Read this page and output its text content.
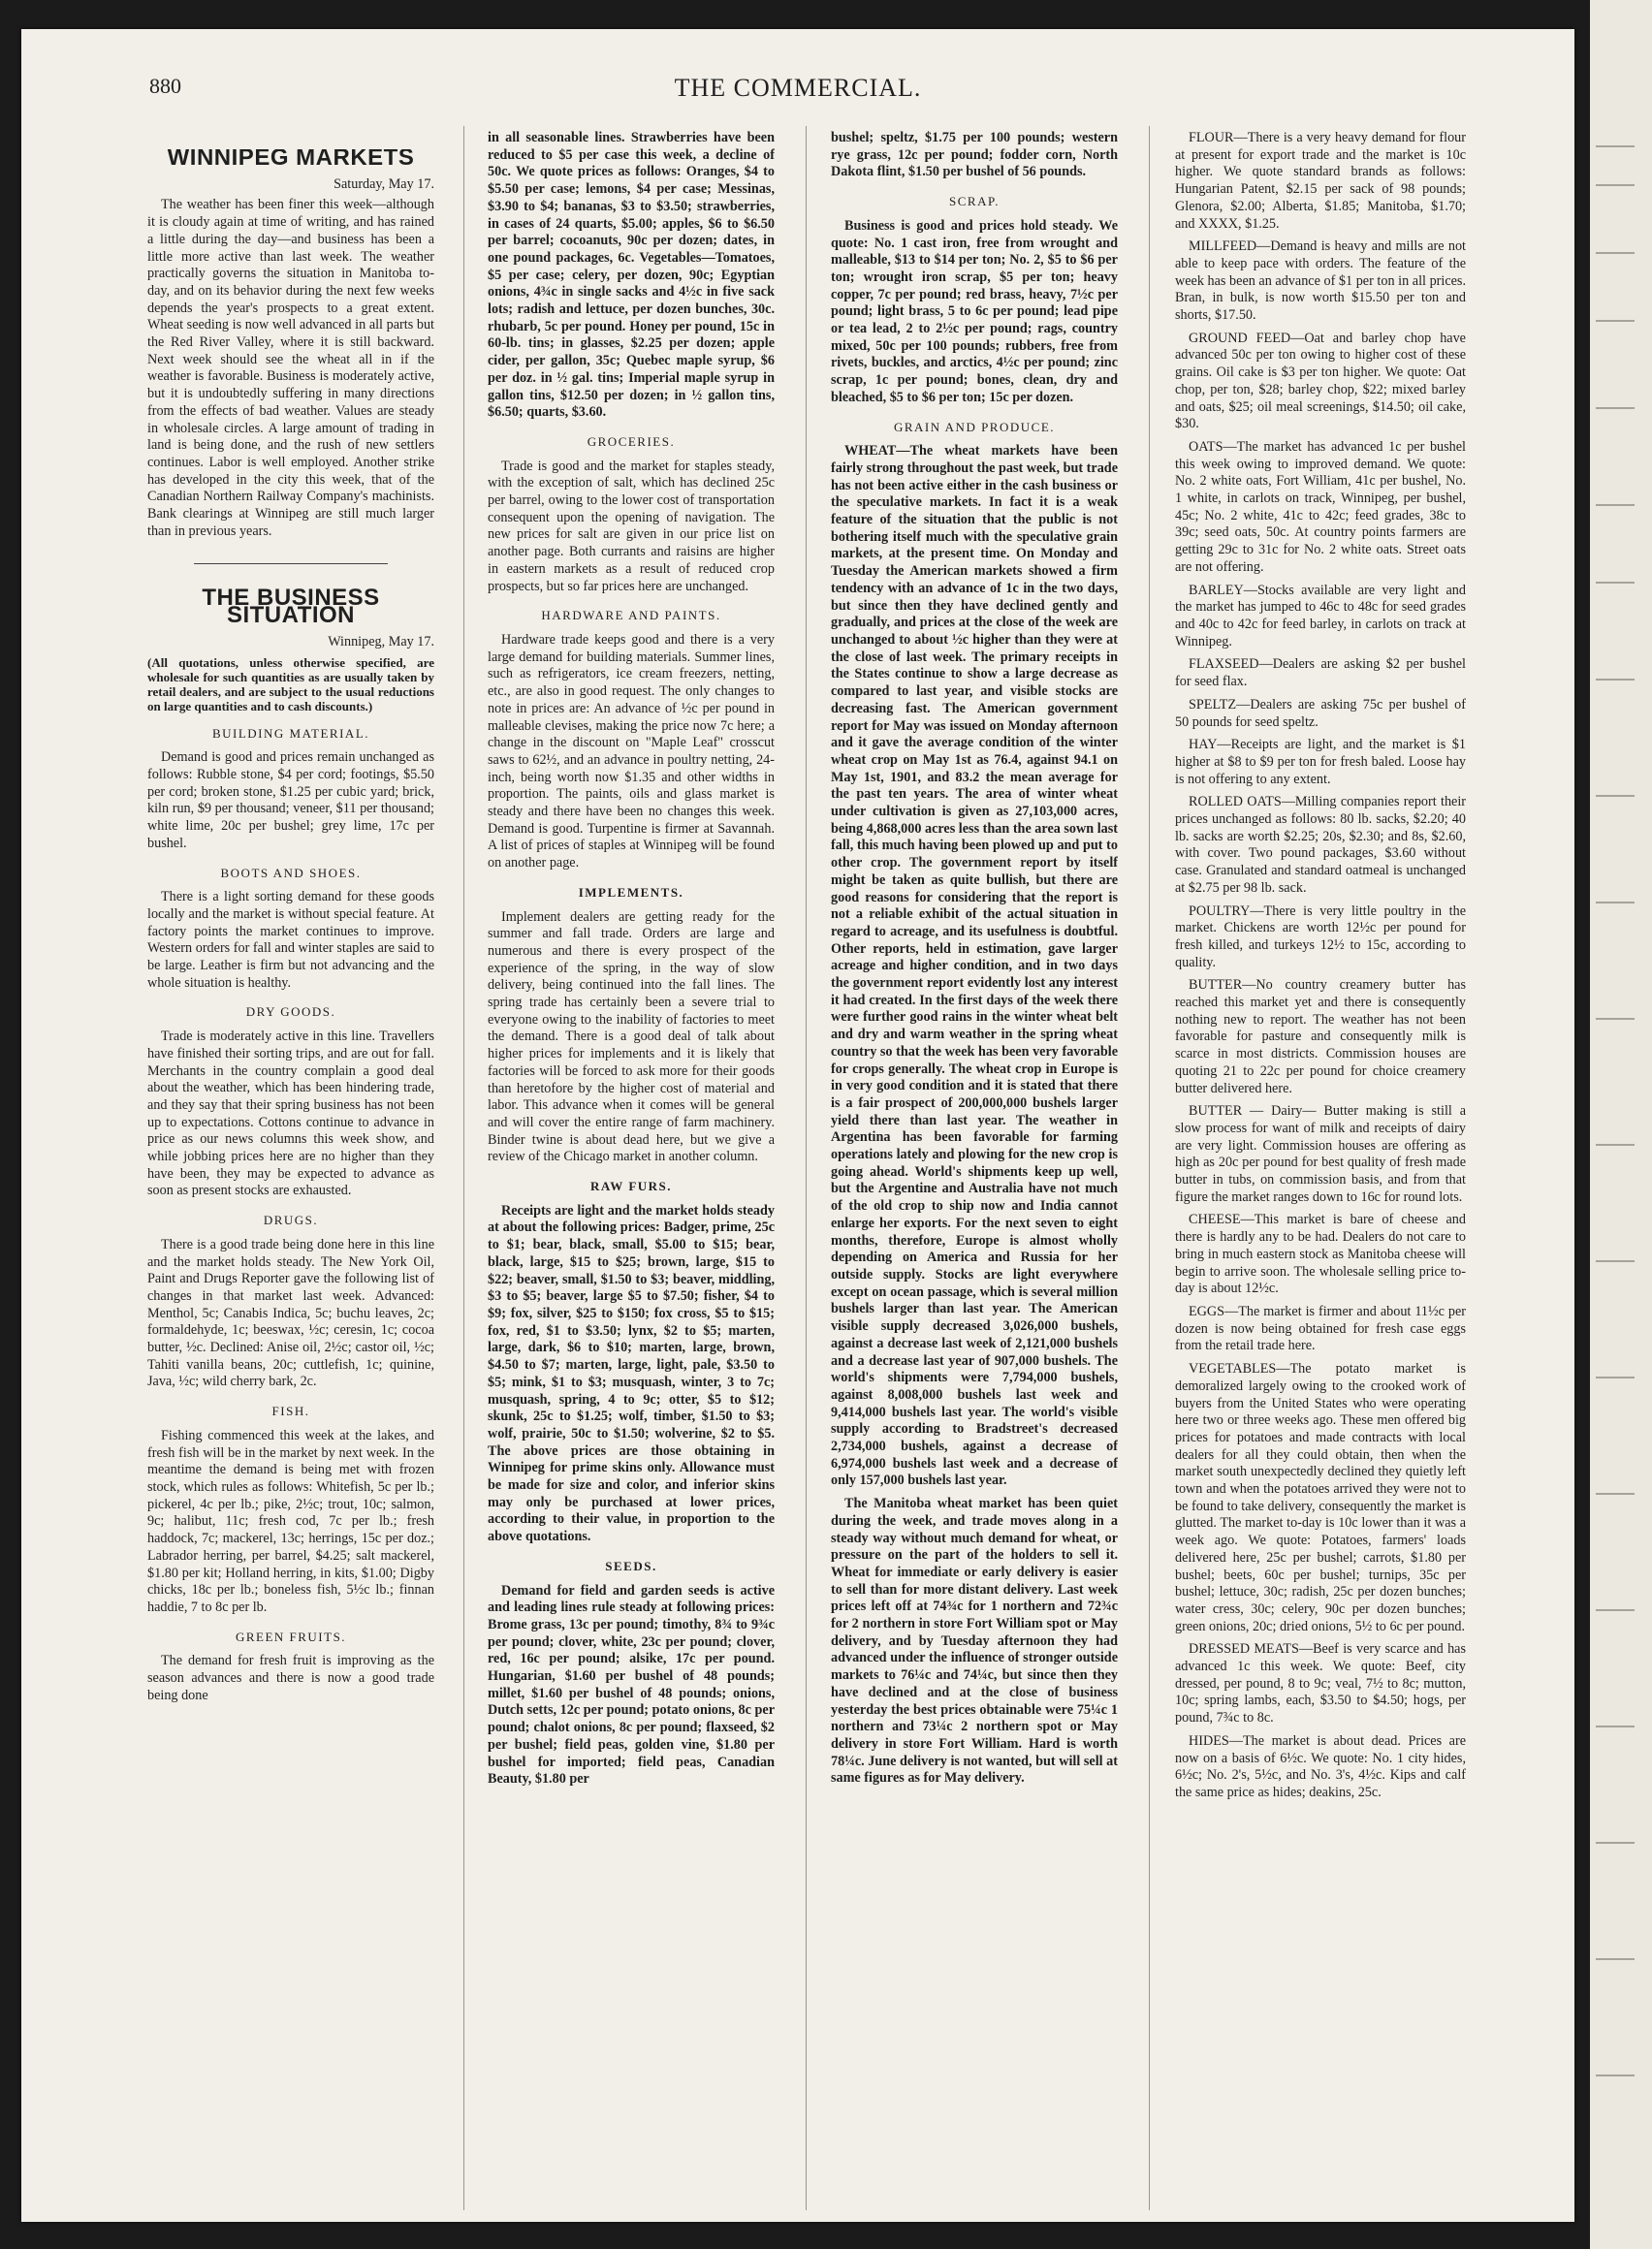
880	THE COMMERCIAL.
WINNIPEG MARKETS
Saturday, May 17.

The weather has been finer this week—although it is cloudy again at time of writing, and has rained a little during the day—and business has been a little more active than last week. The weather practically governs the situation in Manitoba to-day, and on its behavior during the next few weeks depends the year's prospects to a great extent. Wheat seeding is now well advanced in all parts but the Red River Valley, where it is still backward. Next week should see the wheat all in if the weather is favorable. Business is moderately active, but it is undoubtedly suffering in many directions from the effects of bad weather. Values are steady in wholesale circles. A large amount of trading in land is being done, and the rush of new settlers continues. Labor is well employed. Another strike has developed in the city this week, that of the Canadian Northern Railway Company's machinists. Bank clearings at Winnipeg are still much larger than in previous years.

THE BUSINESS SITUATION
Winnipeg, May 17.

(All quotations, unless otherwise specified, are wholesale for such quantities as are usually taken by retail dealers, and are subject to the usual reductions on large quantities and to cash discounts.)

BUILDING MATERIAL.

Demand is good and prices remain unchanged as follows: Rubble stone, $4 per cord; footings, $5.50 per cord; broken stone, $1.25 per cubic yard; brick, kiln run, $9 per thousand; veneer, $11 per thousand; white lime, 20c per bushel; grey lime, 17c per bushel.

BOOTS AND SHOES.

There is a light sorting demand for these goods locally and the market is without special feature. At factory points the market continues to improve. Western orders for fall and winter staples are said to be large. Leather is firm but not advancing and the whole situation is healthy.

DRY GOODS.

Trade is moderately active in this line. Travellers have finished their sorting trips, and are out for fall. Merchants in the country complain a good deal about the weather, which has been hindering trade, and they say that their spring business has not been up to expectations. Cottons continue to advance in price as our news columns this week show, and while jobbing prices here are no higher than they have been, they may be expected to advance as soon as present stocks are exhausted.

DRUGS.

There is a good trade being done here in this line and the market holds steady. The New York Oil, Paint and Drugs Reporter gave the following list of changes in that market last week. Advanced: Menthol, 5c; Canabis Indica, 5c; buchu leaves, 2c; formaldehyde, 1c; beeswax, ½c; ceresin, 1c; cocoa butter, ½c. Declined: Anise oil, 2½c; castor oil, ½c; Tahiti vanilla beans, 20c; cuttlefish, 1c; quinine, Java, ½c; wild cherry bark, 2c.

FISH.

Fishing commenced this week at the lakes, and fresh fish will be in the market by next week. In the meantime the demand is being met with frozen stock, which rules as follows: Whitefish, 5c per lb.; pickerel, 4c per lb.; pike, 2½c; trout, 10c; salmon, 9c; halibut, 11c; fresh cod, 7c per lb.; fresh haddock, 7c; mackerel, 13c; herrings, 15c per doz.; Labrador herring, per barrel, $4.25; salt mackerel, $1.80 per kit; Holland herring, in kits, $1.00; Digby chicks, 18c per lb.; boneless fish, 5½c lb.; finnan haddie, 7 to 8c per lb.

GREEN FRUITS.

The demand for fresh fruit is improving as the season advances and there is now a good trade being done

in all seasonable lines. Strawberries have been reduced to $5 per case this week, a decline of 50c. We quote prices as follows: Oranges, $4 to $5.50 per case; lemons, $4 per case; Messinas, $3.90 to $4; bananas, $3 to $3.50; strawberries, in cases of 24 quarts, $5.00; apples, $6 to $6.50 per barrel; cocoanuts, 90c per dozen; dates, in one pound packages, 6c. Vegetables—Tomatoes, $5 per case; celery, per dozen, 90c; Egyptian onions, 4¾c in single sacks and 4½c in five sack lots; radish and lettuce, per dozen bunches, 30c. rhubarb, 5c per pound. Honey per pound, 15c in 60-lb. tins; in glasses, $2.25 per dozen; apple cider, per gallon, 35c; Quebec maple syrup, $6 per doz. in ½ gal. tins; Imperial maple syrup in gallon tins, $12.50 per dozen; in ½ gallon tins, $6.50; quarts, $3.60.

GROCERIES.

Trade is good and the market for staples steady, with the exception of salt, which has declined 25c per barrel, owing to the lower cost of transportation consequent upon the opening of navigation. The new prices for salt are given in our price list on another page. Both currants and raisins are higher in eastern markets as a result of reduced crop prospects, but so far prices here are unchanged.

HARDWARE AND PAINTS.

Hardware trade keeps good and there is a very large demand for building materials. Summer lines, such as refrigerators, ice cream freezers, netting, etc., are also in good request. The only changes to note in prices are: An advance of ½c per pound in malleable clevises, making the price now 7c here; a change in the discount on "Maple Leaf" crosscut saws to 62½, and an advance in poultry netting, 24-inch, being worth now $1.35 and other widths in proportion. The paints, oils and glass market is steady and there have been no changes this week. Demand is good. Turpentine is firmer at Savannah. A list of prices of staples at Winnipeg will be found on another page.

IMPLEMENTS.

Implement dealers are getting ready for the summer and fall trade. Orders are large and numerous and there is every prospect of the experience of the spring, in the way of slow delivery, being continued into the fall lines. The spring trade has certainly been a severe trial to everyone owing to the inability of factories to meet the demand. There is a good deal of talk about higher prices for implements and it is likely that factories will be forced to ask more for their goods than heretofore by the higher cost of material and labor. This advance when it comes will be general and will cover the entire range of farm machinery. Binder twine is about dead here, but we give a review of the Chicago market in another column.

RAW FURS.

Receipts are light and the market holds steady at about the following prices: Badger, prime, 25c to $1; bear, black, small, $5.00 to $15; bear, black, large, $15 to $25; brown, large, $15 to $22; beaver, small, $1.50 to $3; beaver, middling, $3 to $5; beaver, large $5 to $7.50; fisher, $4 to $9; fox, silver, $25 to $150; fox cross, $5 to $15; fox, red, $1 to $3.50; lynx, $2 to $5; marten, large, dark, $6 to $10; marten, large, brown, $4.50 to $7; marten, large, light, pale, $3.50 to $5; mink, $1 to $3; musquash, winter, 3 to 7c; musquash, spring, 4 to 9c; otter, $5 to $12; skunk, 25c to $1.25; wolf, timber, $1.50 to $3; wolf, prairie, 50c to $1.50; wolverine, $2 to $5. The above prices are those obtaining in Winnipeg for prime skins only. Allowance must be made for size and color, and inferior skins may only be purchased at lower prices, according to their value, in proportion to the above quotations.

SEEDS.

Demand for field and garden seeds is active and leading lines rule steady at following prices: Brome grass, 13c per pound; timothy, 8¾ to 9¾c per pound; clover, white, 23c per pound; clover, red, 16c per pound; alsike, 17c per pound. Hungarian, $1.60 per bushel of 48 pounds; millet, $1.60 per bushel of 48 pounds; onions, Dutch setts, 12c per pound; potato onions, 8c per pound; chalot onions, 8c per pound; flaxseed, $2 per bushel; field peas, golden vine, $1.80 per bushel for imported; field peas, Canadian Beauty, $1.80 per

bushel; speltz, $1.75 per 100 pounds; western rye grass, 12c per pound; fodder corn, North Dakota flint, $1.50 per bushel of 56 pounds.

SCRAP.

Business is good and prices hold steady. We quote: No. 1 cast iron, free from wrought and malleable, $13 to $14 per ton; No. 2, $5 to $6 per ton; wrought iron scrap, $5 per ton; heavy copper, 7c per pound; red brass, heavy, 7½c per pound; light brass, 5 to 6c per pound; lead pipe or tea lead, 2 to 2½c per pound; rags, country mixed, 50c per 100 pounds; rubbers, free from rivets, buckles, and arctics, 4½c per pound; zinc scrap, 1c per pound; bones, clean, dry and bleached, $5 to $6 per ton; 15c per dozen.

GRAIN AND PRODUCE.

WHEAT—The wheat markets have been fairly strong throughout the past week, but trade has not been active either in the cash business or the speculative markets. In fact it is a weak feature of the situation that the public is not bothering itself much with the speculative grain markets, at the present time. On Monday and Tuesday the American markets showed a firm tendency with an advance of 1c in the two days, but since then they have declined gently and gradually, and prices at the close of the week are unchanged to about ½c higher than they were at the close of last week. The primary receipts in the States continue to show a large decrease as compared to last year, and visible stocks are decreasing fast. The American government report for May was issued on Monday afternoon and it gave the average condition of the winter wheat crop on May 1st as 76.4, against 94.1 on May 1st, 1901, and 83.2 the mean average for the past ten years. The area of winter wheat under cultivation is given as 27,103,000 acres, being 4,868,000 acres less than the area sown last fall, this much having been plowed up and put to other crop. The government report by itself might be taken as quite bullish, but there are good reasons for considering that the report is not a reliable exhibit of the actual situation in regard to acreage, and its usefulness is doubtful. Other reports, held in estimation, gave larger acreage and higher condition, and in two days the government report evidently lost any interest it had created. In the first days of the week there were further good rains in the winter wheat belt and dry and warm weather in the spring wheat country so that the week has been very favorable for crops generally. The wheat crop in Europe is in very good condition and it is stated that there is a fair prospect of 200,000,000 bushels larger yield there than last year. The weather in Argentina has been favorable for farming operations lately and plowing for the new crop is going ahead. World's shipments keep up well, but the Argentine and Australia have not much of the old crop to ship now and India cannot enlarge her exports. For the next seven to eight months, therefore, Europe is almost wholly depending on America and Russia for her outside supply. Stocks are light everywhere except on ocean passage, which is several million bushels larger than last year. The American visible supply decreased 3,026,000 bushels, against a decrease last week of 2,121,000 bushels and a decrease last year of 907,000 bushels. The world's shipments were 7,794,000 bushels, against 8,008,000 bushels last week and 9,414,000 bushels last year. The world's visible supply according to Bradstreet's decreased 2,734,000 bushels, against a decrease of 6,974,000 bushels last week and a decrease of only 157,000 bushels last year.

The Manitoba wheat market has been quiet during the week, and trade moves along in a steady way without much demand for wheat, or pressure on the part of the holders to sell it. Wheat for immediate or early delivery is easier to sell than for more distant delivery. Last week prices left off at 74¾c for 1 northern and 72¾c for 2 northern in store Fort William spot or May delivery, and by Tuesday afternoon they had advanced under the influence of stronger outside markets to 76¼c and 74¼c, but since then they have declined and at the close of business yesterday the best prices obtainable were 75¼c 1 northern and 73¼c 2 northern spot or May delivery in store Fort William. Hard is worth 78¼c. June delivery is not wanted, but will sell at same figures as for May delivery.

FLOUR—There is a very heavy demand for flour at present for export trade and the market is 10c higher. We quote standard brands as follows: Hungarian Patent, $2.15 per sack of 98 pounds; Glenora, $2.00; Alberta, $1.85; Manitoba, $1.70; and XXXX, $1.25.

MILLFEED—Demand is heavy and mills are not able to keep pace with orders. The feature of the week has been an advance of $1 per ton in all prices. Bran, in bulk, is now worth $15.50 per ton and shorts, $17.50.

GROUND FEED—Oat and barley chop have advanced 50c per ton owing to higher cost of these grains. Oil cake is $3 per ton higher. We quote: Oat chop, per ton, $28; barley chop, $22; mixed barley and oats, $25; oil meal screenings, $14.50; oil cake, $30.

OATS—The market has advanced 1c per bushel this week owing to improved demand. We quote: No. 2 white oats, Fort William, 41c per bushel, No. 1 white, in carlots on track, Winnipeg, per bushel, 45c; No. 2 white, 41c to 42c; feed grades, 38c to 39c; seed oats, 50c. At country points farmers are getting 29c to 31c for No. 2 white oats. Street oats are not offering.

BARLEY—Stocks available are very light and the market has jumped to 46c to 48c for seed grades and 40c to 42c for feed barley, in carlots on track at Winnipeg.

FLAXSEED—Dealers are asking $2 per bushel for seed flax.

SPELTZ—Dealers are asking 75c per bushel of 50 pounds for seed speltz.

HAY—Receipts are light, and the market is $1 higher at $8 to $9 per ton for fresh baled. Loose hay is not offering to any extent.

ROLLED OATS—Milling companies report their prices unchanged as follows: 80 lb. sacks, $2.20; 40 lb. sacks are worth $2.25; 20s, $2.30; and 8s, $2.60, with cover. Two pound packages, $3.60 without case. Granulated and standard oatmeal is unchanged at $2.75 per 98 lb. sack.

POULTRY—There is very little poultry in the market. Chickens are worth 12½c per pound for fresh killed, and turkeys 12½ to 15c, according to quality.

BUTTER—No country creamery butter has reached this market yet and there is consequently nothing new to report. The weather has not been favorable for pasture and consequently milk is scarce in most districts. Commission houses are quoting 21 to 22c per pound for choice creamery butter delivered here.

BUTTER — Dairy— Butter making is still a slow process for want of milk and receipts of dairy are very light. Commission houses are offering as high as 20c per pound for best quality of fresh made butter in tubs, on commission basis, and from that figure the market ranges down to 16c for round lots.

CHEESE—This market is bare of cheese and there is hardly any to be had. Dealers do not care to bring in much eastern stock as Manitoba cheese will begin to arrive soon. The wholesale selling price to-day is about 12½c.

EGGS—The market is firmer and about 11½c per dozen is now being obtained for fresh case eggs from the retail trade here.

VEGETABLES—The potato market is demoralized largely owing to the crooked work of buyers from the United States who were operating here two or three weeks ago. These men offered big prices for potatoes and made contracts with local dealers for all they could obtain, then when the market south unexpectedly declined they quietly left town and when the potatoes arrived they were not to be found to take delivery, consequently the market is glutted. The market to-day is 10c lower than it was a week ago. We quote: Potatoes, farmers' loads delivered here, 25c per bushel; carrots, $1.80 per bushel; beets, 60c per bushel; turnips, 35c per bushel; lettuce, 30c; radish, 25c per dozen bunches; water cress, 30c; celery, 90c per dozen bunches; green onions, 20c; dried onions, 5½ to 6c per pound.

DRESSED MEATS—Beef is very scarce and has advanced 1c this week. We quote: Beef, city dressed, per pound, 8 to 9c; veal, 7½ to 8c; mutton, 10c; spring lambs, each, $3.50 to $4.50; hogs, per pound, 7¾c to 8c.

HIDES—The market is about dead. Prices are now on a basis of 6½c. We quote: No. 1 city hides, 6½c; No. 2's, 5½c, and No. 3's, 4½c. Kips and calf the same price as hides; deakins, 25c.
